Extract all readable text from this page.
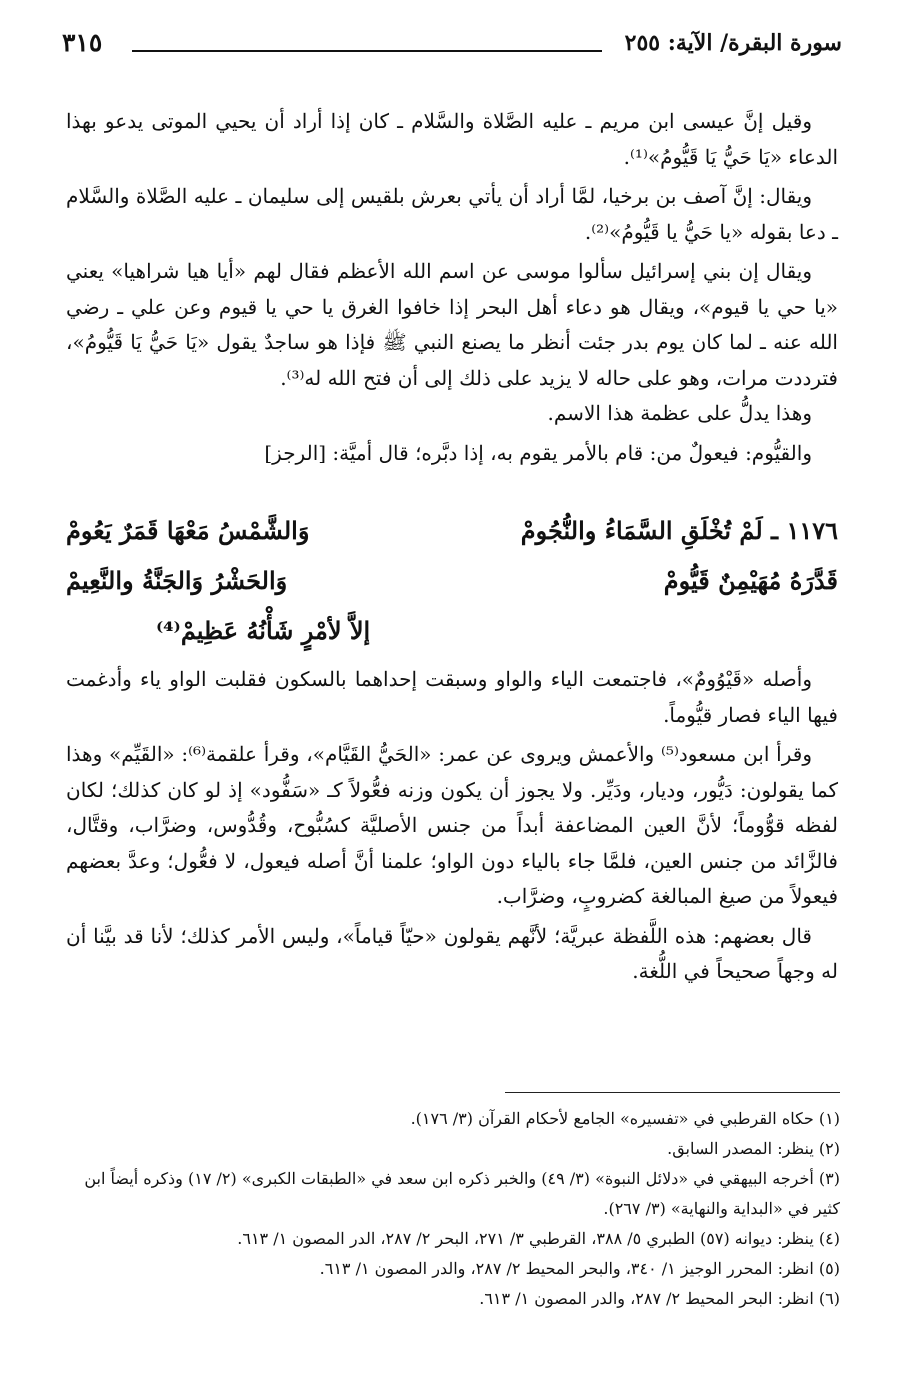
٣١٥	سورة البقرة/ الآية: ٢٥٥

وقيل إنَّ عيسى ابن مريم ـ عليه الصَّلاة والسَّلام ـ كان إذا أراد أن يحيي الموتى يدعو بهذا الدعاء «يَا حَيُّ يَا قَيُّومُ»⁽¹⁾.

ويقال: إنَّ آصف بن برخيا، لمَّا أراد أن يأتي بعرش بلقيس إلى سليمان ـ عليه الصَّلاة والسَّلام ـ دعا بقوله «يا حَيُّ يا قَيُّومُ»⁽²⁾.

ويقال إن بني إسرائيل سألوا موسى عن اسم الله الأعظم فقال لهم «أيا هيا شراهيا» يعني «يا حي يا قيوم»، ويقال هو دعاء أهل البحر إذا خافوا الغرق يا حي يا قيوم وعن علي ـ رضي الله عنه ـ لما كان يوم بدر جئت أنظر ما يصنع النبي ﷺ فإذا هو ساجدٌ يقول «يَا حَيُّ يَا قَيُّومُ»، فترددت مرات، وهو على حاله لا يزيد على ذلك إلى أن فتح الله له⁽³⁾.

وهذا يدلُّ على عظمة هذا الاسم.

والقيُّوم: فيعولٌ من: قام بالأمر يقوم به، إذا دبَّره؛ قال أميَّة: [الرجز]

١١٧٦ ـ لَمْ تُخْلَقِ السَّمَاءُ والنُّجُومْ
وَالشَّمْسُ مَعْهَا قَمَرٌ يَعُومْ
قَدَّرَهُ مُهَيْمِنٌ قَيُّومْ
وَالحَشْرُ وَالجَنَّةُ والنَّعِيمْ
إلاَّ لأمْرٍ شَأْنُهُ عَظِيمْ⁽⁴⁾

وأصله «قَيْوُومٌ»، فاجتمعت الياء والواو وسبقت إحداهما بالسكون فقلبت الواو ياء وأدغمت فيها الياء فصار قيُّوماً.

وقرأ ابن مسعود⁽⁵⁾ والأعمش ويروى عن عمر: «الحَيُّ القَيَّام»، وقرأ علقمة⁽⁶⁾: «القَيِّم» وهذا كما يقولون: دَيُّور، وديار، ودَيِّر. ولا يجوز أن يكون وزنه فعُّولاً كـ «سَفُّود» إذ لو كان كذلك؛ لكان لفظه قوُّوماً؛ لأنَّ العين المضاعفة أبداً من جنس الأصليَّة كسُبُّوح، وقُدُّوس، وضرَّاب، وقتَّال، فالزَّائد من جنس العين، فلمَّا جاء بالياء دون الواو؛ علمنا أنَّ أصله فيعول، لا فعُّول؛ وعدَّ بعضهم فيعولاً من صيغ المبالغة كضروبٍ، وضرَّاب.

قال بعضهم: هذه اللَّفظة عبريَّة؛ لأنَّهم يقولون «حيّاً قياماً»، وليس الأمر كذلك؛ لأنا قد بيَّنا أن له وجهاً صحيحاً في اللُّغة.

(١) حكاه القرطبي في «تفسيره» الجامع لأحكام القرآن (٣/ ١٧٦).
(٢) ينظر: المصدر السابق.
(٣) أخرجه البيهقي في «دلائل النبوة» (٣/ ٤٩) والخبر ذكره ابن سعد في «الطبقات الكبرى» (٢/ ١٧) وذكره أيضاً ابن كثير في «البداية والنهاية» (٣/ ٢٦٧).
(٤) ينظر: ديوانه (٥٧) الطبري ٥/ ٣٨٨، القرطبي ٣/ ٢٧١، البحر ٢/ ٢٨٧، الدر المصون ١/ ٦١٣.
(٥) انظر: المحرر الوجيز ١/ ٣٤٠، والبحر المحيط ٢/ ٢٨٧، والدر المصون ١/ ٦١٣.
(٦) انظر: البحر المحيط ٢/ ٢٨٧، والدر المصون ١/ ٦١٣.
